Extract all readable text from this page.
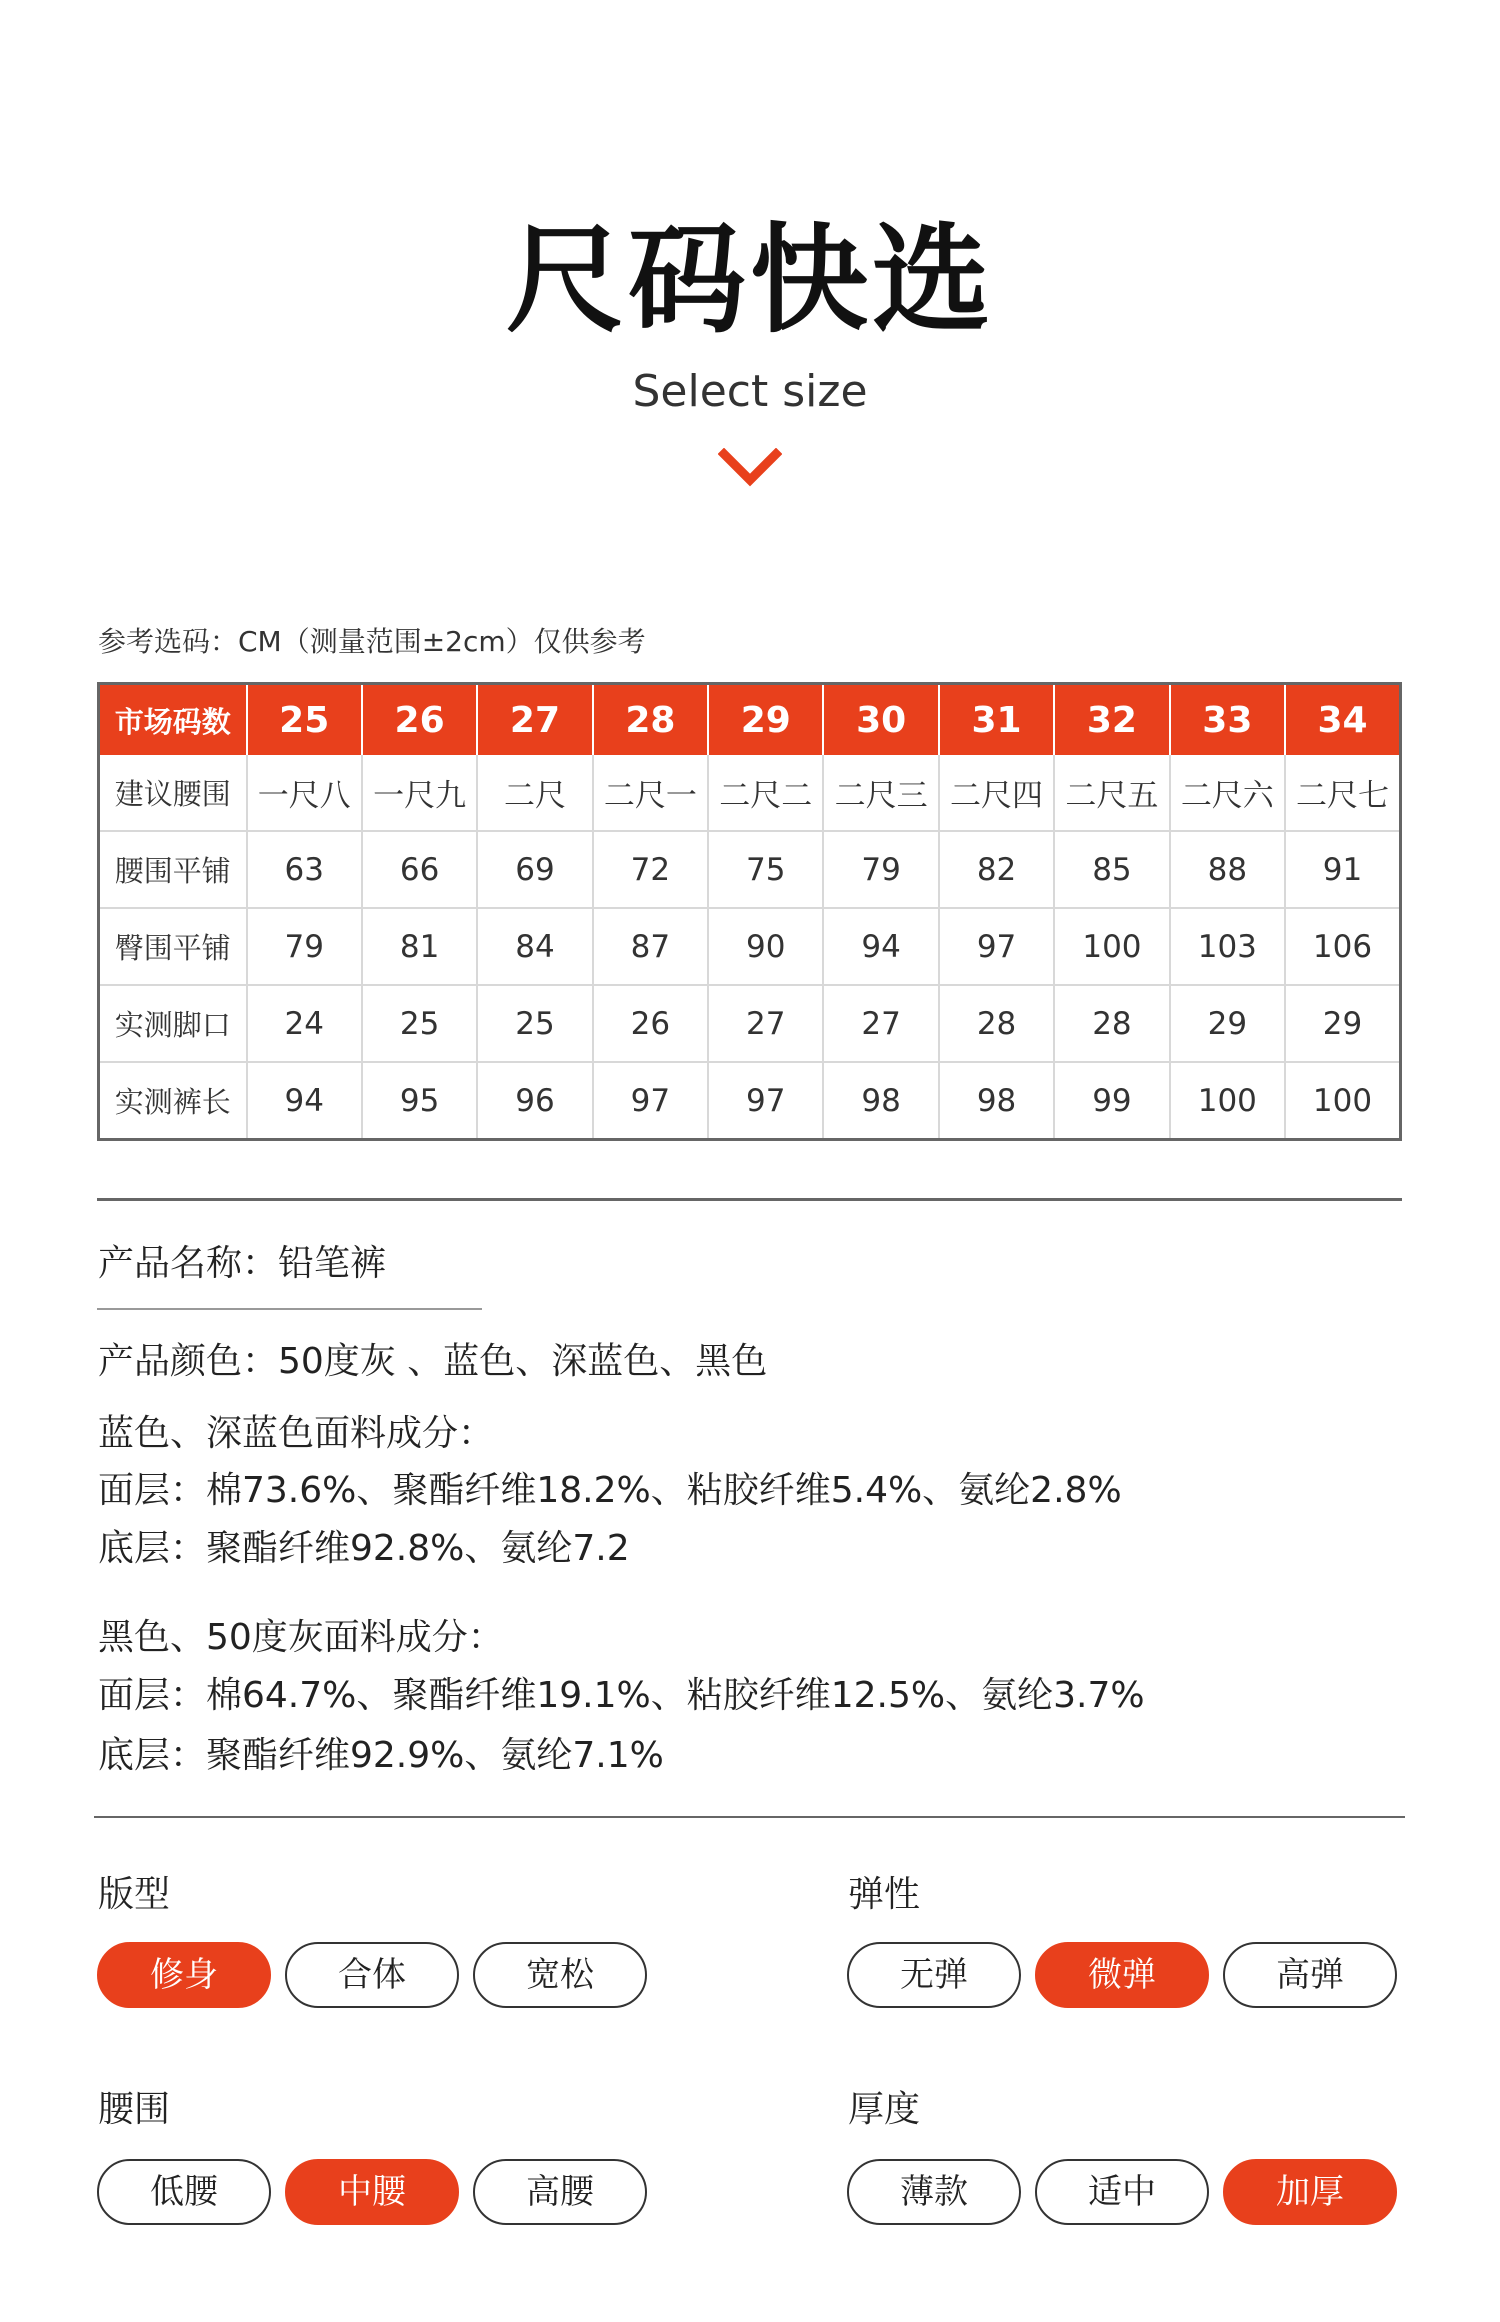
尺码快选
Select size
参考选码：CM（测量范围±2cm）仅供参考
市场码数	25	26	27	28	29	30	31	32	33	34
建议腰围	一尺八	一尺九	二尺	二尺一	二尺二	二尺三	二尺四	二尺五	二尺六	二尺七
腰围平铺	63	66	69	72	75	79	82	85	88	91
臀围平铺	79	81	84	87	90	94	97	100	103	106
实测脚口	24	25	25	26	27	27	28	28	29	29
实测裤长	94	95	96	97	97	98	98	99	100	100
产品名称：铅笔裤
产品颜色：50度灰 、蓝色、深蓝色、黑色
蓝色、深蓝色面料成分：
面层：棉73.6%、聚酯纤维18.2%、粘胶纤维5.4%、氨纶2.8%
底层：聚酯纤维92.8%、氨纶7.2
黑色、50度灰面料成分：
面层：棉64.7%、聚酯纤维19.1%、粘胶纤维12.5%、氨纶3.7%
底层：聚酯纤维92.9%、氨纶7.1%
版型
修身	合体	宽松
弹性
无弹	微弹	高弹
腰围
低腰	中腰	高腰
厚度
薄款	适中	加厚
